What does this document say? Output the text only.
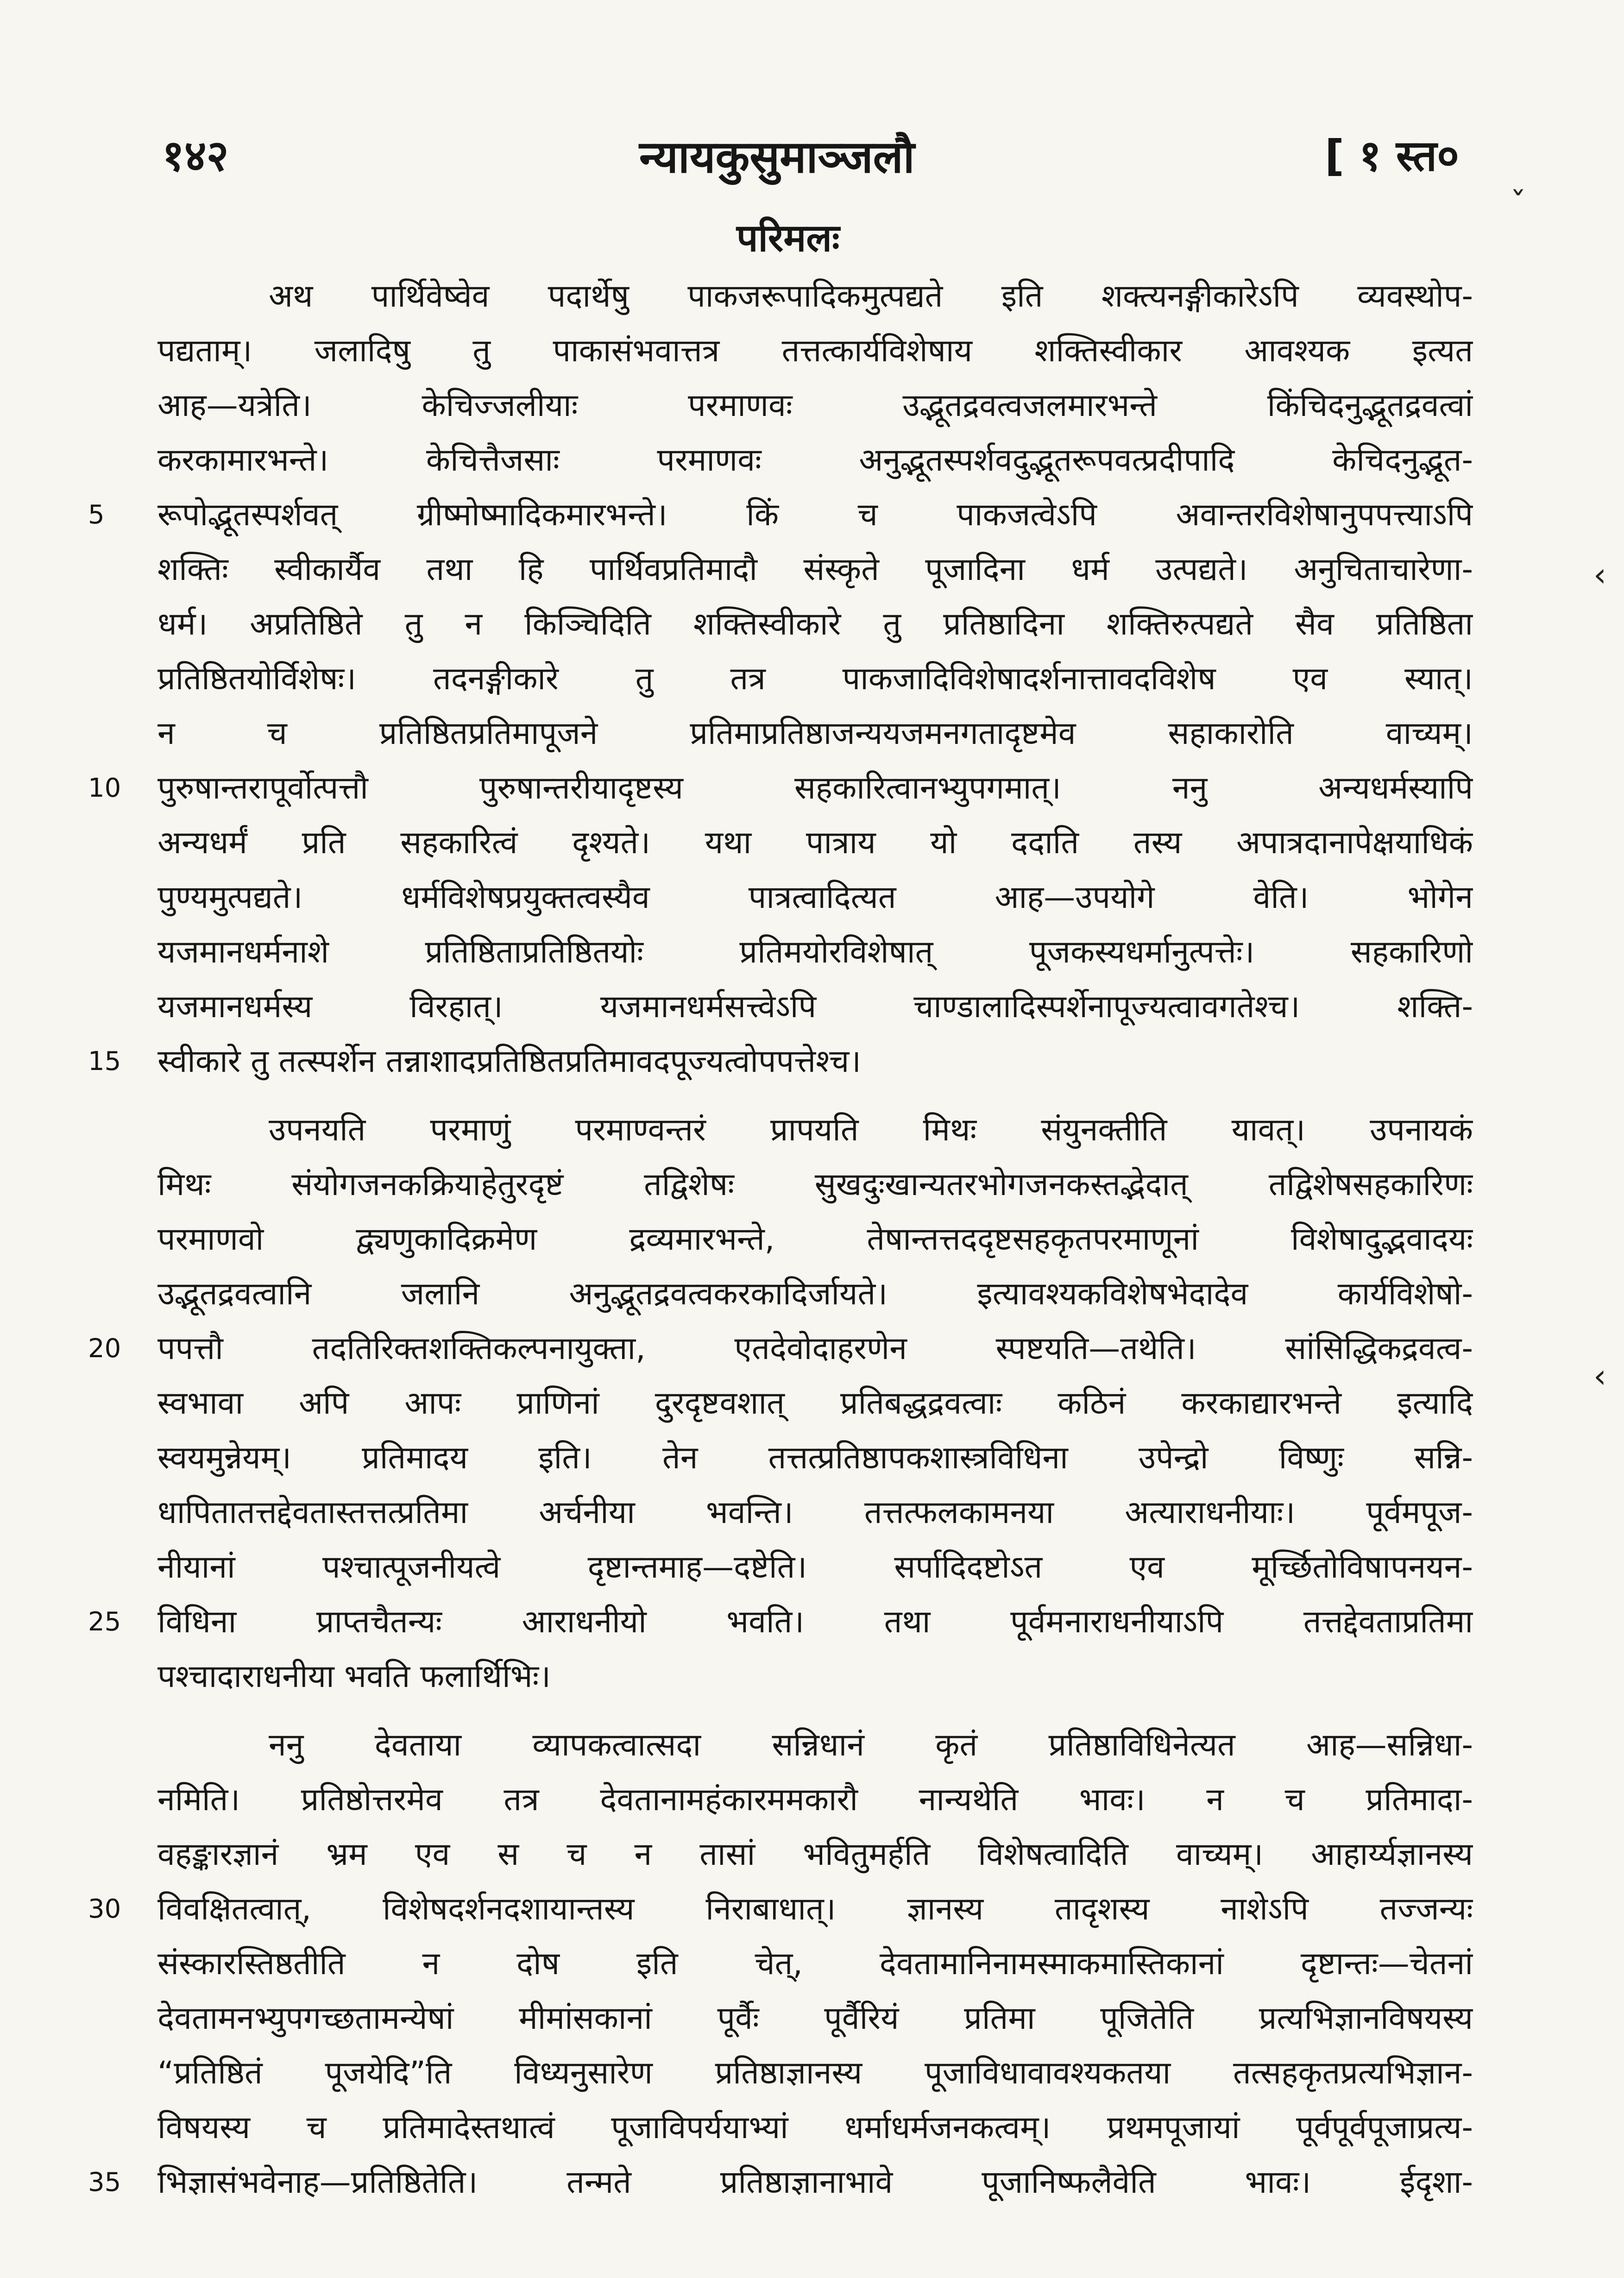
१४२	न्यायकुसुमाञ्जलौ	[ १ स्त०
परिमलः
ˇ
‹
‹
अथ पार्थिवेष्वेव पदार्थेषु पाकजरूपादिकमुत्पद्यते इति शक्त्यनङ्गीकारेऽपि व्यवस्थोप-
पद्यताम्। जलादिषु तु पाकासंभवात्तत्र तत्तत्कार्यविशेषाय शक्तिस्वीकार आवश्यक इत्यत
आह—यत्रेति। केचिज्जलीयाः परमाणवः उद्भूतद्रवत्वजलमारभन्ते किंचिदनुद्भूतद्रवत्वां
करकामारभन्ते। केचित्तैजसाः परमाणवः अनुद्भूतस्पर्शवदुद्भूतरूपवत्प्रदीपादि केचिदनुद्भूत-
रूपोद्भूतस्पर्शवत् ग्रीष्मोष्मादिकमारभन्ते। किं च पाकजत्वेऽपि अवान्तरविशेषानुपपत्त्याऽपि
5
शक्तिः स्वीकार्यैव तथा हि पार्थिवप्रतिमादौ संस्कृते पूजादिना धर्म उत्पद्यते। अनुचिताचारेणा-
धर्म। अप्रतिष्ठिते तु न किञ्चिदिति शक्तिस्वीकारे तु प्रतिष्ठादिना शक्तिरुत्पद्यते सैव प्रतिष्ठिता
प्रतिष्ठितयोर्विशेषः। तदनङ्गीकारे तु तत्र पाकजादिविशेषादर्शनात्तावदविशेष एव स्यात्।
न च प्रतिष्ठितप्रतिमापूजने प्रतिमाप्रतिष्ठाजन्ययजमनगतादृष्टमेव सहाकारोति वाच्यम्।
पुरुषान्तरापूर्वोत्पत्तौ पुरुषान्तरीयादृष्टस्य सहकारित्वानभ्युपगमात्। ननु अन्यधर्मस्यापि
10
अन्यधर्मं प्रति सहकारित्वं दृश्यते। यथा पात्राय यो ददाति तस्य अपात्रदानापेक्षयाधिकं
पुण्यमुत्पद्यते। धर्मविशेषप्रयुक्तत्वस्यैव पात्रत्वादित्यत आह—उपयोगे वेति। भोगेन
यजमानधर्मनाशे प्रतिष्ठिताप्रतिष्ठितयोः प्रतिमयोरविशेषात् पूजकस्यधर्मानुत्पत्तेः। सहकारिणो
यजमानधर्मस्य विरहात्। यजमानधर्मसत्त्वेऽपि चाण्डालादिस्पर्शेनापूज्यत्वावगतेश्च। शक्ति-
स्वीकारे तु तत्स्पर्शेन तन्नाशादप्रतिष्ठितप्रतिमावदपूज्यत्वोपपत्तेश्च।
15
उपनयति परमाणुं परमाण्वन्तरं प्रापयति मिथः संयुनक्तीति यावत्। उपनायकं
मिथः संयोगजनकक्रियाहेतुरदृष्टं तद्विशेषः सुखदुःखान्यतरभोगजनकस्तद्भेदात् तद्विशेषसहकारिणः
परमाणवो द्व्यणुकादिक्रमेण द्रव्यमारभन्ते, तेषान्तत्तददृष्टसहकृतपरमाणूनां विशेषादुद्भवादयः
उद्भूतद्रवत्वानि जलानि अनुद्भूतद्रवत्वकरकादिर्जायते। इत्यावश्यकविशेषभेदादेव कार्यविशेषो-
पपत्तौ तदतिरिक्तशक्तिकल्पनायुक्ता, एतदेवोदाहरणेन स्पष्टयति—तथेति। सांसिद्धिकद्रवत्व-
20
स्वभावा अपि आपः प्राणिनां दुरदृष्टवशात् प्रतिबद्धद्रवत्वाः कठिनं करकाद्यारभन्ते इत्यादि
स्वयमुन्नेयम्। प्रतिमादय इति। तेन तत्तत्प्रतिष्ठापकशास्त्रविधिना उपेन्द्रो विष्णुः सन्नि-
धापितातत्तद्देवतास्तत्तत्प्रतिमा अर्चनीया भवन्ति। तत्तत्फलकामनया अत्याराधनीयाः। पूर्वमपूज-
नीयानां पश्चात्पूजनीयत्वे दृष्टान्तमाह—दष्टेति। सर्पादिदष्टोऽत एव मूर्च्छितोविषापनयन-
विधिना प्राप्तचैतन्यः आराधनीयो भवति। तथा पूर्वमनाराधनीयाऽपि तत्तद्देवताप्रतिमा
25
पश्चादाराधनीया भवति फलार्थिभिः।
ननु देवताया व्यापकत्वात्सदा सन्निधानं कृतं प्रतिष्ठाविधिनेत्यत आह—सन्निधा-
नमिति। प्रतिष्ठोत्तरमेव तत्र देवतानामहंकारममकारौ नान्यथेति भावः। न च प्रतिमादा-
वहङ्कारज्ञानं भ्रम एव स च न तासां भवितुमर्हति विशेषत्वादिति वाच्यम्। आहार्य्यज्ञानस्य
विवक्षितत्वात्, विशेषदर्शनदशायान्तस्य निराबाधात्। ज्ञानस्य तादृशस्य नाशेऽपि तज्जन्यः
30
संस्कारस्तिष्ठतीति न दोष इति चेत्, देवतामानिनामस्माकमास्तिकानां दृष्टान्तः—चेतनां
देवतामनभ्युपगच्छतामन्येषां मीमांसकानां पूर्वैः पूर्वैरियं प्रतिमा पूजितेति प्रत्यभिज्ञानविषयस्य
“प्रतिष्ठितं पूजयेदि”ति विध्यनुसारेण प्रतिष्ठाज्ञानस्य पूजाविधावावश्यकतया तत्सहकृतप्रत्यभिज्ञान-
विषयस्य च प्रतिमादेस्तथात्वं पूजाविपर्ययाभ्यां धर्माधर्मजनकत्वम्। प्रथमपूजायां पूर्वपूर्वपूजाप्रत्य-
भिज्ञासंभवेनाह—प्रतिष्ठितेति। तन्मते प्रतिष्ठाज्ञानाभावे पूजानिष्फलैवेति भावः। ईदृशा-
35
